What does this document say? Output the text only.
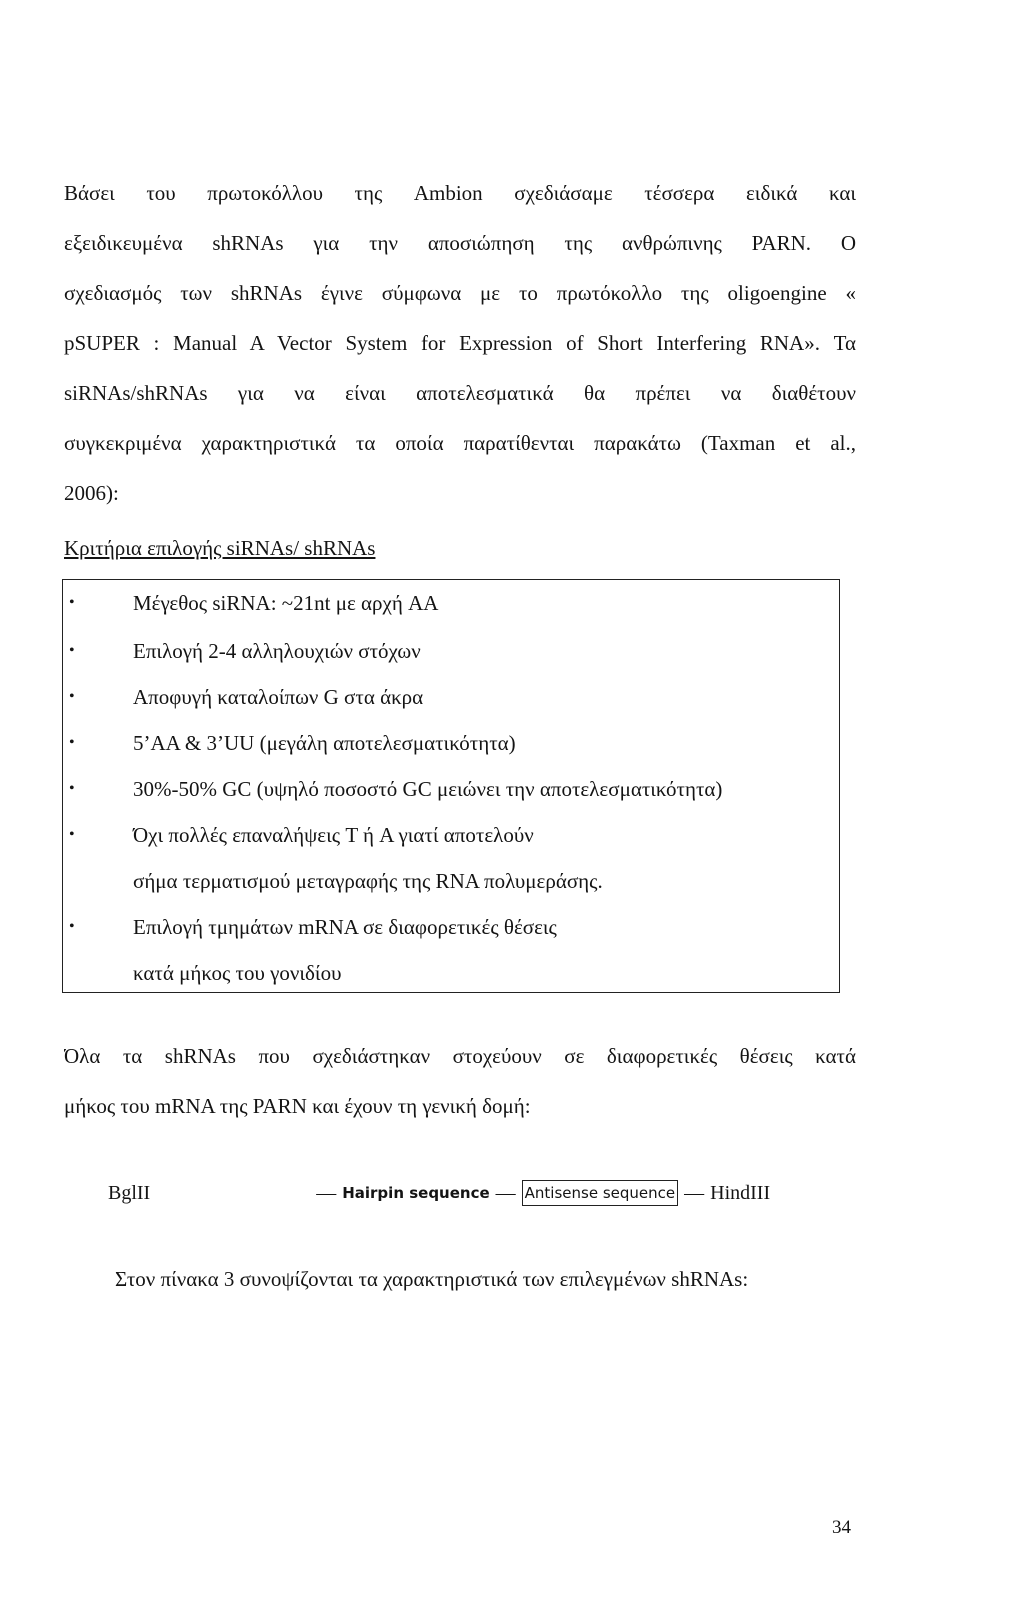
Βάσει του πρωτοκόλλου της Ambion σχεδιάσαμε τέσσερα ειδικά και
εξειδικευμένα shRNAs για την αποσιώπηση της ανθρώπινης PARN. Ο
σχεδιασμός των shRNAs έγινε σύμφωνα με το πρωτόκολλο της oligoengine «
pSUPER : Manual A Vector System for Expression of Short Interfering RNA». Τα
siRNAs/shRNAs για να είναι αποτελεσματικά θα πρέπει να διαθέτουν
συγκεκριμένα χαρακτηριστικά τα οποία παρατίθενται παρακάτω (Taxman et al.,
2006):
Κριτήρια επιλογής siRNAs/ shRNAs
•	Μέγεθος siRNA: ~21nt με αρχή AA
•	Επιλογή 2-4 αλληλουχιών στόχων
•	Αποφυγή καταλοίπων G στα άκρα
•	5’AA & 3’UU (μεγάλη αποτελεσματικότητα)
•	30%-50% GC (υψηλό ποσοστό GC μειώνει την αποτελεσματικότητα)
•	Όχι πολλές επαναλήψεις T ή A γιατί αποτελούν
σήμα τερματισμού μεταγραφής της RNA πολυμεράσης.
•	Επιλογή τμημάτων mRNA σε διαφορετικές θέσεις
κατά μήκος του γονιδίου
Όλα τα shRNAs που σχεδιάστηκαν στοχεύουν σε διαφορετικές θέσεις κατά
μήκος του mRNA της PARN και έχουν τη γενική δομή:
BglII	— Hairpin sequence — Antisense sequence — HindIII
Στον πίνακα 3 συνοψίζονται τα χαρακτηριστικά των επιλεγμένων shRNAs:
34
